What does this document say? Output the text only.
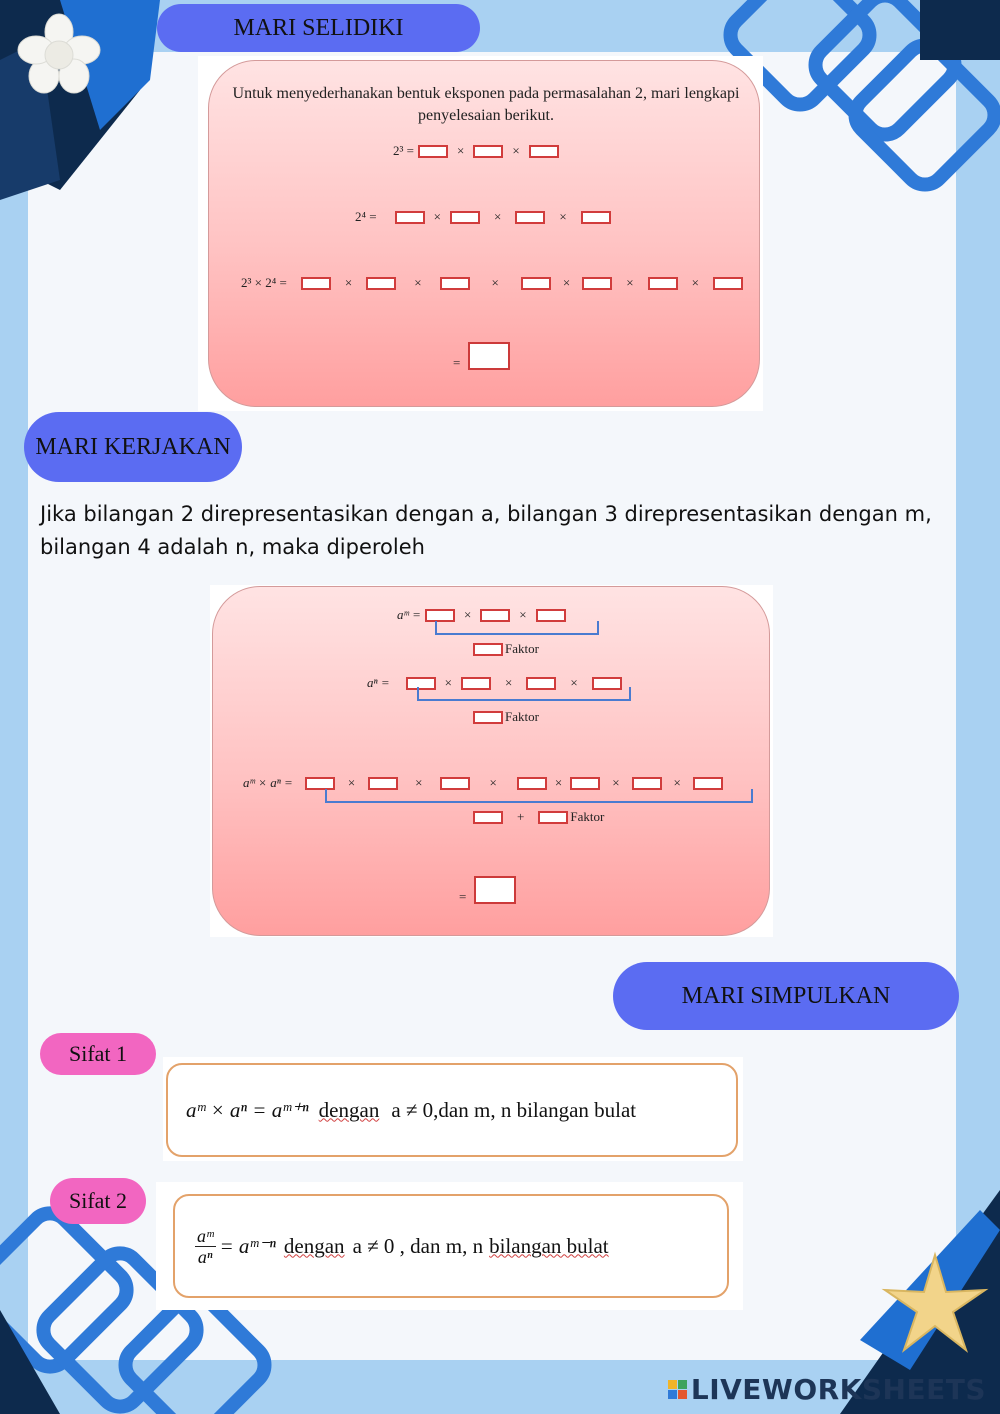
MARI SELIDIKI
Untuk menyederhanakan bentuk eksponen pada permasalahan 2, mari lengkapi penyelesaian berikut.
2³ =	×	×
2⁴ =	×	×	×
2³ × 2⁴ =	×	×	×	×	×	×
=
MARI KERJAKAN
Jika bilangan 2 direpresentasikan dengan a, bilangan 3 direpresentasikan dengan m, bilangan 4 adalah n, maka diperoleh
aᵐ =	×	×
Faktor
aⁿ =	×	×	×
Faktor
aᵐ × aⁿ =	×	×	×	×	×	×
+	Faktor
=
MARI SIMPULKAN
Sifat 1
aᵐ × aⁿ = aᵐ⁺ⁿ dengan a ≠ 0,dan m, n bilangan bulat
Sifat 2
$\frac{\text{aᵐ}}{\text{aⁿ}}$ = aᵐ⁻ⁿ dengan a ≠ 0 , dan m, n bilangan bulat
LIVEWORKSHEETS
